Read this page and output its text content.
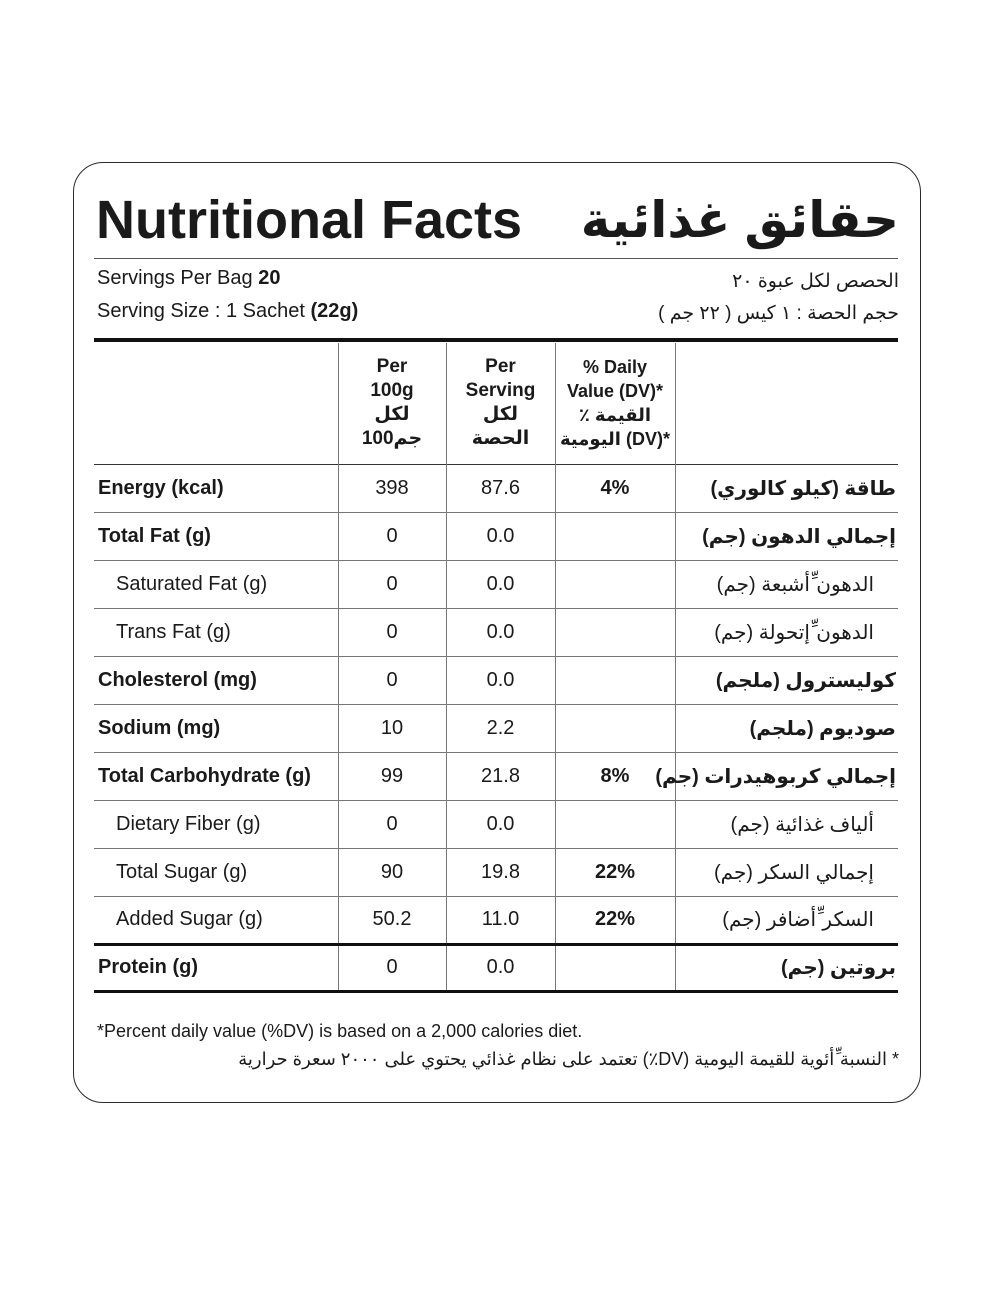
Nutritional Facts حقائق غذائية
Servings Per Bag 20
Serving Size : 1 Sachet (22g)
الحصص لكل عبوة ٢٠
حجم الحصة : ١ كيس ( ٢٢ جم )

	Per
100g
لكل
100جم	Per
Serving
لكل
الحصة	% Daily
Value (DV)*
٪ القيمة
اليومية (DV)*	

Energy (kcal)	398	87.6	4%	طاقة (كيلو كالوري)
Total Fat (g)	0	0.0		إجمالي الدهون (جم)
Saturated Fat (g)	0	0.0		الدهون ِّأشبعة (جم)
Trans Fat (g)	0	0.0		الدهون ِّإتحولة (جم)
Cholesterol (mg)	0	0.0		كوليسترول (ملجم)
Sodium (mg)	10	2.2		صوديوم (ملجم)
Total Carbohydrate (g)	99	21.8	8%	إجمالي كربوهيدرات (جم)
Dietary Fiber (g)	0	0.0		ألياف غذائية (جم)
Total Sugar (g)	90	19.8	22%	إجمالي السكر (جم)
Added Sugar (g)	50.2	11.0	22%	السكر ِّأضافر (جم)
Protein (g)	0	0.0		بروتين (جم)
*Percent daily value (%DV) is based on a 2,000 calories diet.
* النسبة ِّأئوية للقيمة اليومية (DV٪) تعتمد على نظام غذائي يحتوي على ٢٠٠٠ سعرة حرارية
